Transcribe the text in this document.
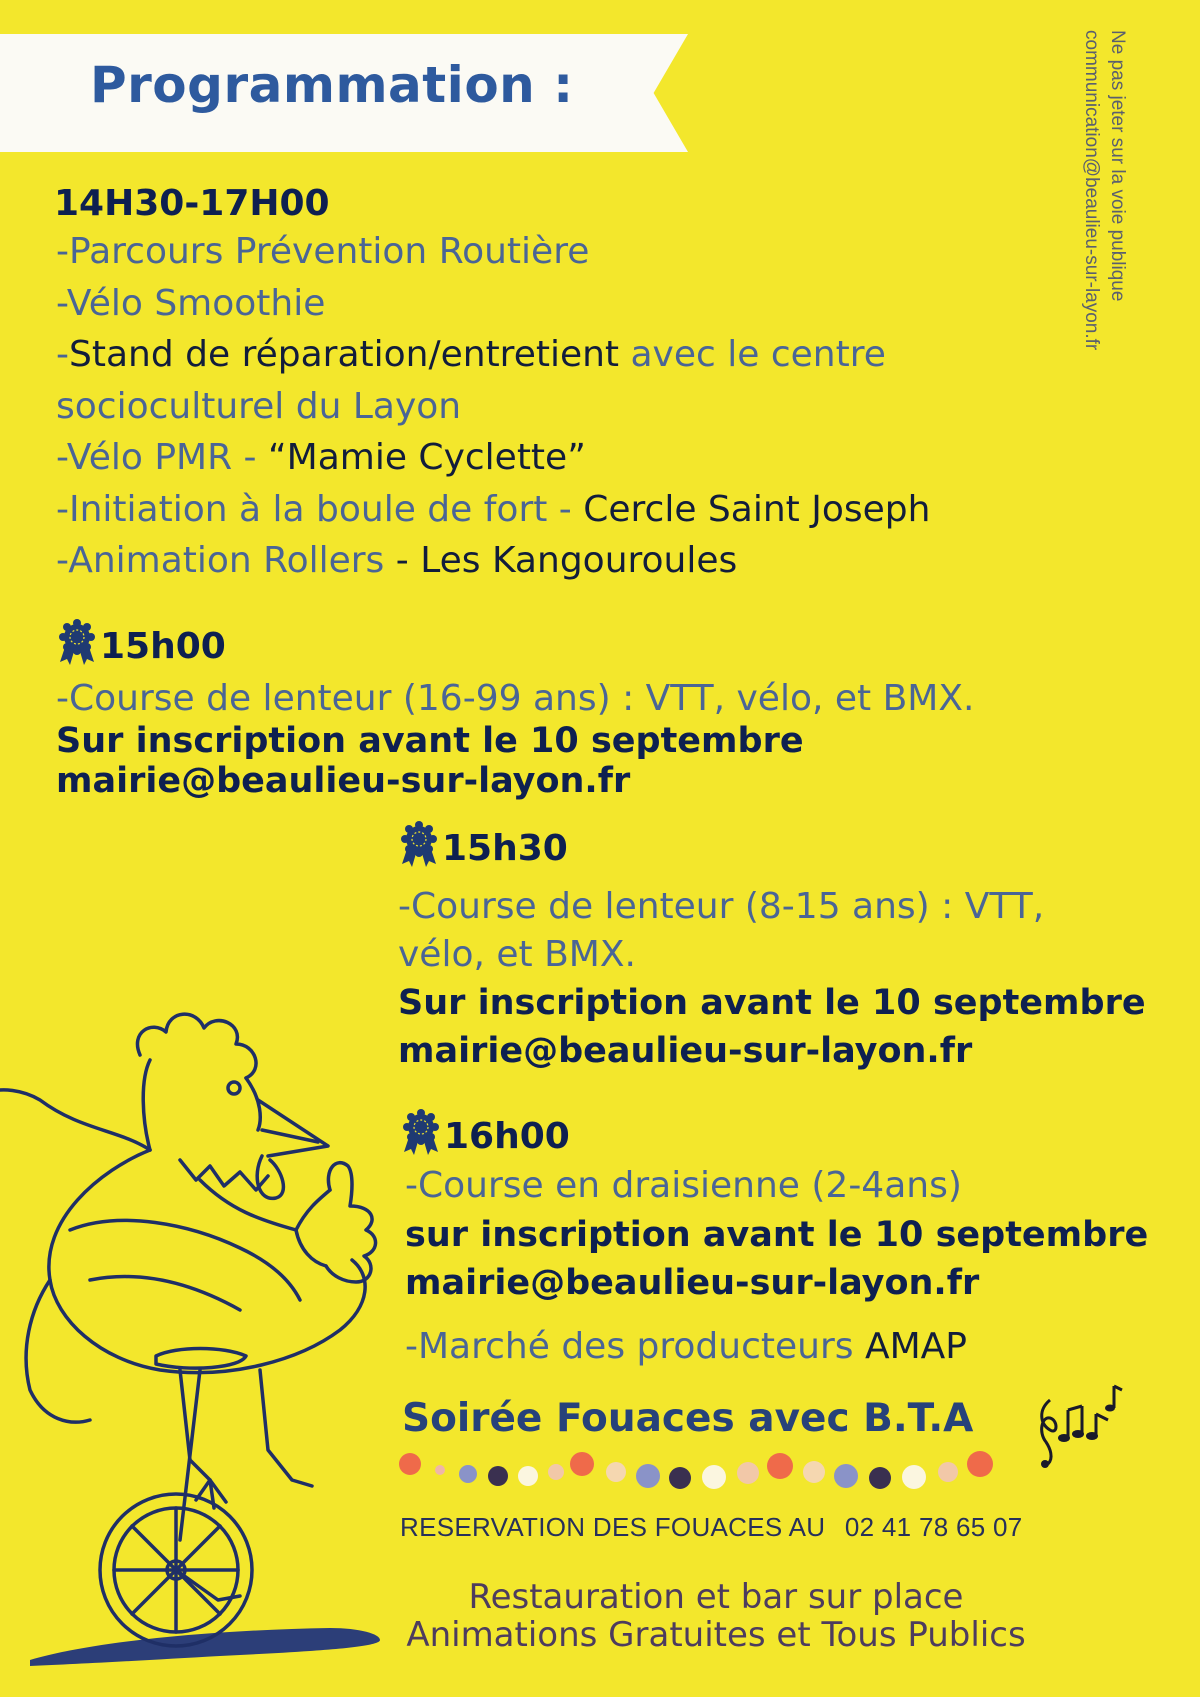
Programmation :	Ne pas jeter sur la voie publique
communication@beaulieu-sur-layon.fr
14H30-17H00
-Parcours Prévention Routière
-Vélo Smoothie
-Stand de réparation/entretient avec le centre
socioculturel du Layon
-Vélo PMR - “Mamie Cyclette”
-Initiation à la boule de fort - Cercle Saint Joseph
-Animation Rollers - Les Kangouroules
15h00
-Course de lenteur (16-99 ans) : VTT, vélo, et BMX.
Sur inscription avant le 10 septembre
mairie@beaulieu-sur-layon.fr
15h30
-Course de lenteur (8-15 ans) : VTT,
vélo, et BMX.
Sur inscription avant le 10 septembre
mairie@beaulieu-sur-layon.fr
16h00
-Course en draisienne (2-4ans)
sur inscription avant le 10 septembre
mairie@beaulieu-sur-layon.fr
-Marché des producteurs AMAP
Soirée Fouaces avec B.T.A
RESERVATION DES FOUACES AU 02 41 78 65 07
Restauration et bar sur place
Animations Gratuites et Tous Publics
